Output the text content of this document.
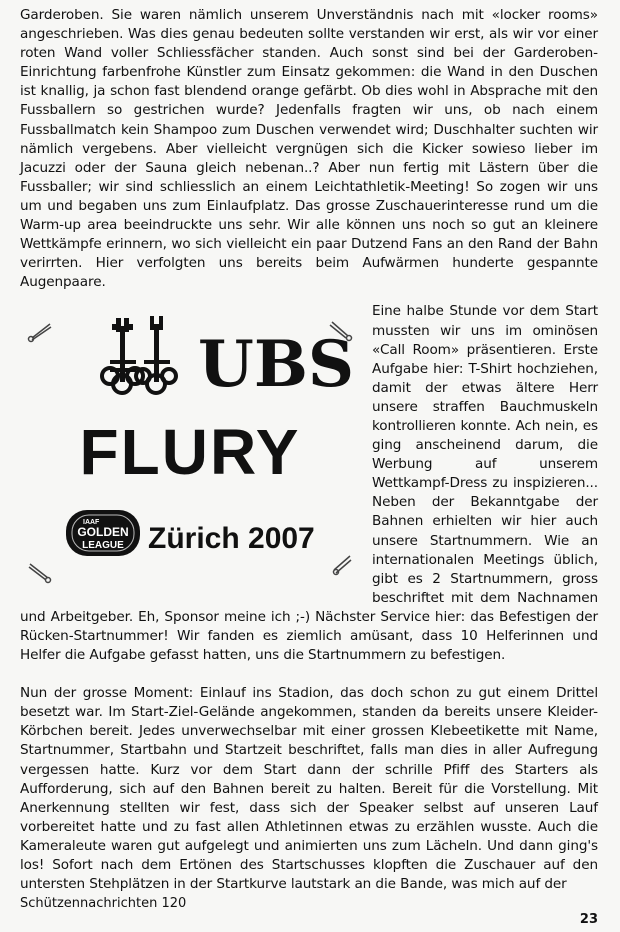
Garderoben. Sie waren nämlich unserem Unverständnis nach mit «locker rooms» angeschrieben. Was dies genau bedeuten sollte verstanden wir erst, als wir vor einer roten Wand voller Schliessfächer standen. Auch sonst sind bei der Garderoben-Einrichtung farbenfrohe Künstler zum Einsatz gekommen: die Wand in den Duschen ist knallig, ja schon fast blendend orange gefärbt. Ob dies wohl in Absprache mit den Fussballern so gestrichen wurde? Jedenfalls fragten wir uns, ob nach einem Fussballmatch kein Shampoo zum Duschen verwendet wird; Duschhalter suchten wir nämlich vergebens. Aber vielleicht vergnügen sich die Kicker sowieso lieber im Jacuzzi oder der Sauna gleich nebenan..? Aber nun fertig mit Lästern über die Fussballer; wir sind schliesslich an einem Leichtathletik-Meeting! So zogen wir uns um und begaben uns zum Einlaufplatz. Das grosse Zuschauerinteresse rund um die Warm-up area beeindruckte uns sehr. Wir alle können uns noch so gut an kleinere Wettkämpfe erinnern, wo sich vielleicht ein paar Dutzend Fans an den Rand der Bahn verirrten. Hier verfolgten uns bereits beim Aufwärmen hunderte gespannte Augenpaare.

UBS
FLURY
IAAF
GOLDEN
LEAGUE Zürich 2007

Eine halbe Stunde vor dem Start mussten wir uns im ominösen «Call Room» präsentieren. Erste Aufgabe hier: T-Shirt hochziehen, damit der etwas ältere Herr unsere straffen Bauchmuskeln kontrollieren konnte. Ach nein, es ging anscheinend darum, die Werbung auf unserem Wettkampf-Dress zu inspizieren... Neben der Bekanntgabe der Bahnen erhielten wir hier auch unsere Startnummern. Wie an internationalen Meetings üblich, gibt es 2 Startnummern, gross beschriftet mit dem Nachnamen und Arbeitgeber. Eh, Sponsor meine ich ;-) Nächster Service hier: das Befestigen der Rücken-Startnummer! Wir fanden es ziemlich amüsant, dass 10 Helferinnen und Helfer die Aufgabe gefasst hatten, uns die Startnummern zu befestigen.

Nun der grosse Moment: Einlauf ins Stadion, das doch schon zu gut einem Drittel besetzt war. Im Start-Ziel-Gelände angekommen, standen da bereits unsere Kleider-Körbchen bereit. Jedes unverwechselbar mit einer grossen Klebeetikette mit Name, Startnummer, Startbahn und Startzeit beschriftet, falls man dies in aller Aufregung vergessen hatte. Kurz vor dem Start dann der schrille Pfiff des Starters als Aufforderung, sich auf den Bahnen bereit zu halten. Bereit für die Vorstellung. Mit Anerkennung stellten wir fest, dass sich der Speaker selbst auf unseren Lauf vorbereitet hatte und zu fast allen Athletinnen etwas zu erzählen wusste. Auch die Kameraleute waren gut aufgelegt und animierten uns zum Lächeln. Und dann ging's los! Sofort nach dem Ertönen des Startschusses klopften die Zuschauer auf den untersten Stehplätzen in der Startkurve lautstark an die Bande, was mich auf der

Schützennachrichten 120
23
